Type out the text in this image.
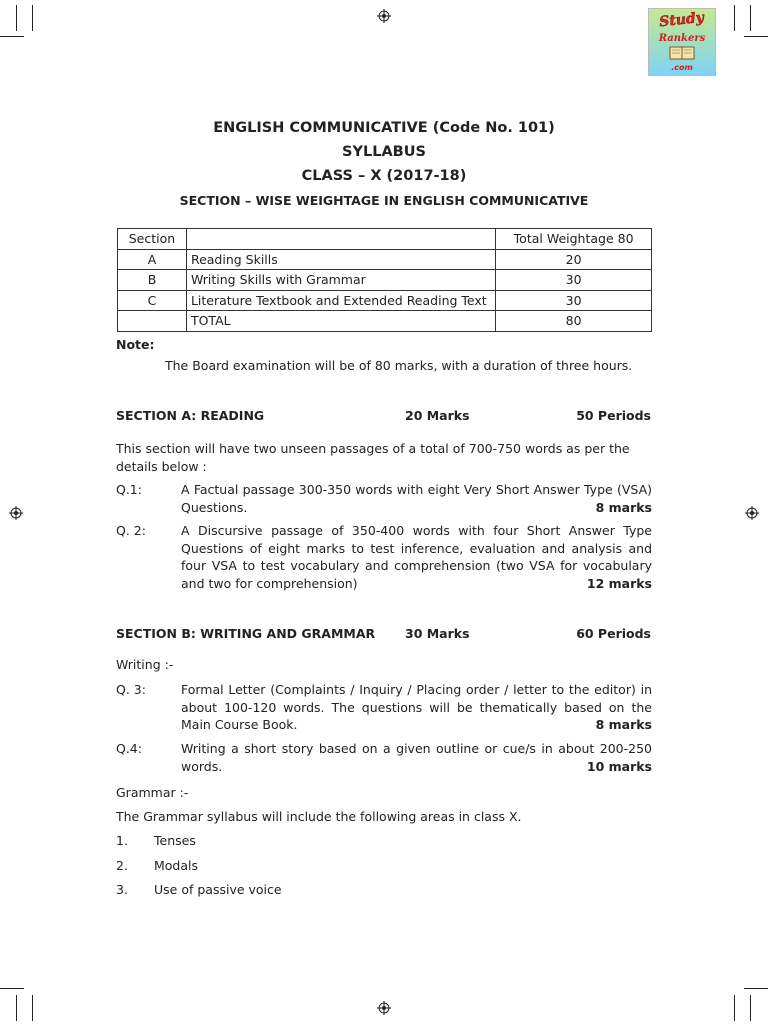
Study
Rankers
.com
ENGLISH COMMUNICATIVE (Code No. 101)
SYLLABUS
CLASS – X (2017-18)
SECTION – WISE WEIGHTAGE IN ENGLISH COMMUNICATIVE
Section		Total Weightage 80
A	Reading Skills	20
B	Writing Skills with Grammar	30
C	Literature Textbook and Extended Reading Text	30
	TOTAL	80
Note:
The Board examination will be of 80 marks, with a duration of three hours.
SECTION A: READING	20 Marks	50 Periods
This section will have two unseen passages of a total of 700-750 words as per the details below :
Q.1:	A Factual passage 300-350 words with eight Very Short Answer Type (VSA) Questions.	8 marks
Q. 2:	A Discursive passage of 350-400 words with four Short Answer Type Questions of eight marks to test inference, evaluation and analysis and four VSA to test vocabulary and comprehension (two VSA for vocabulary and two for comprehension)	12 marks
SECTION B: WRITING AND GRAMMAR 30 Marks	60 Periods
Writing :-
Q. 3:	Formal Letter (Complaints / Inquiry / Placing order / letter to the editor) in about 100-120 words. The questions will be thematically based on the Main Course Book.	8 marks
Q.4:	Writing a short story based on a given outline or cue/s in about 200-250 words.	10 marks
Grammar :-
The Grammar syllabus will include the following areas in class X.
1. Tenses
2. Modals
3. Use of passive voice
